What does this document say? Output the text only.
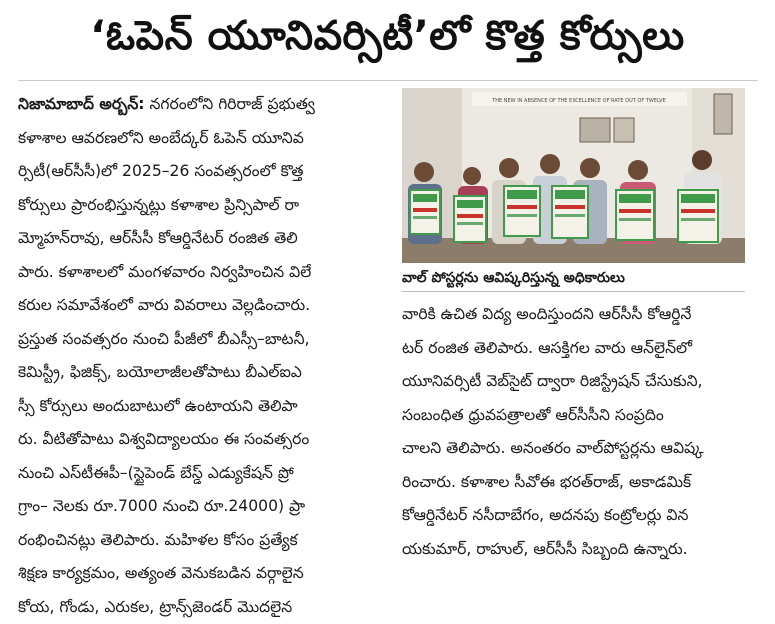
‘ఓపెన్ యూనివర్సిటీ’లో కొత్త కోర్సులు
నిజామాబాద్ అర్బన్: నగరంలోని గిరిరాజ్ ప్రభుత్వ
కళాశాల ఆవరణలోని అంబేద్కర్ ఓపెన్ యూనివ
ర్సిటీ(ఆర్‌సీసీ)లో 2025–26 సంవత్సరంలో కొత్త
కోర్సులు ప్రారంభిస్తున్నట్లు కళాశాల ప్రిన్సిపాల్ రా
మ్మోహన్‌రావు, ఆర్‌సీసీ కోఆర్డినేటర్ రంజిత తెలి
పారు. కళాశాలలో మంగళవారం నిర్వహించిన విలే
కరుల సమావేశంలో వారు వివరాలు వెల్లడించారు.
ప్రస్తుత సంవత్సరం నుంచి పీజీలో బీఎస్సీ–బాటనీ,
కెమిస్ట్రీ, ఫిజిక్స్, బయోలాజీలతోపాటు బీఎల్ఐఎ
స్సీ కోర్సులు అందుబాటులో ఉంటాయని తెలిపా
రు. వీటితోపాటు విశ్వవిద్యాలయం ఈ సంవత్సరం
నుంచి ఎస్‌టీఈపీ–(స్టైపెండ్ బేస్డ్ ఎడ్యుకేషన్ ప్రో
గ్రాం– నెలకు రూ.7000 నుంచి రూ.24000) ప్రా
రంభించినట్లు తెలిపారు. మహిళల కోసం ప్రత్యేక
శిక్షణ కార్యక్రమం, అత్యంత వెనుకబడిన వర్గాలైన
కోయ, గోండు, ఎరుకల, ట్రాన్స్‌జెండర్ మొదలైన
THE NEW IN ABSENCE OF THE EXCELLENCE OF RATE OUT OF TWELVE
వాల్ పోస్టర్లను ఆవిష్కరిస్తున్న అధికారులు
వారికి ఉచిత విద్య అందిస్తుందని ఆర్‌సీసీ కోఆర్డినే
టర్ రంజిత తెలిపారు. ఆసక్తిగల వారు ఆన్‌లైన్‌లో
యూనివర్సిటీ వెబ్‌సైట్ ద్వారా రిజిస్ట్రేషన్ చేసుకుని,
సంబంధిత ధ్రువపత్రాలతో ఆర్‌సీసీని సంప్రదిం
చాలని తెలిపారు. అనంతరం వాల్‌పోస్టర్లను ఆవిష్క
రించారు. కళాశాల సీవోఈ భరత్‌రాజ్, అకాడమిక్
కోఆర్డినేటర్ నసీదాబేగం, అదనపు కంట్రోలర్లు విన
యకుమార్, రాహుల్, ఆర్‌సీసీ సిబ్బంది ఉన్నారు.
